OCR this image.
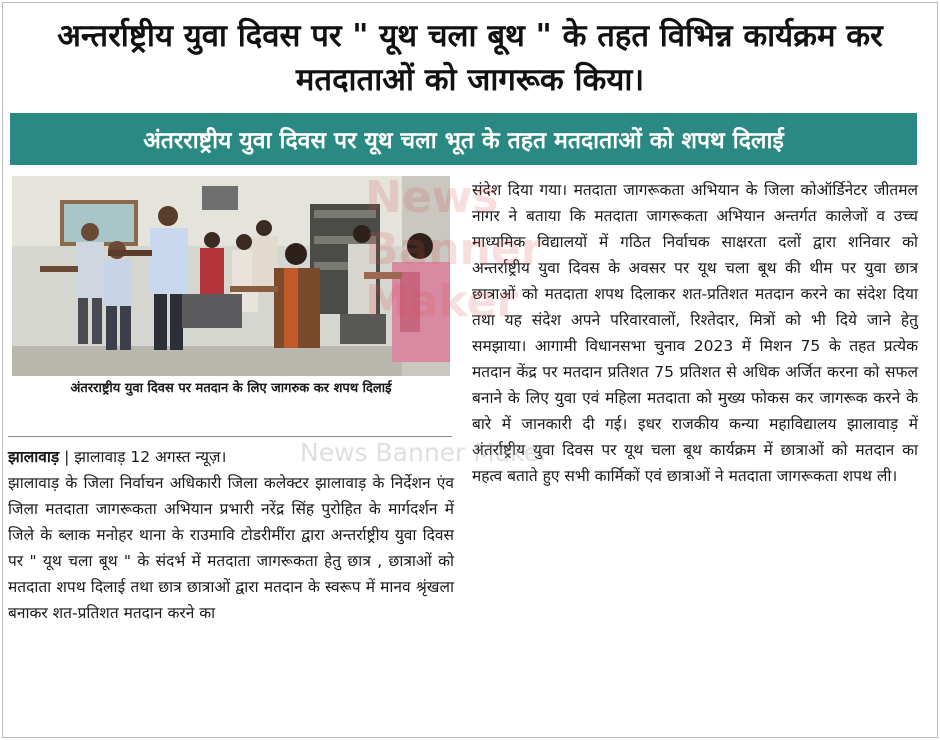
अन्तर्राष्ट्रीय युवा दिवस पर " यूथ चला बूथ " के तहत विभिन्न कार्यक्रम कर मतदाताओं को जागरूक किया।
अंतरराष्ट्रीय युवा दिवस पर यूथ चला भूत के तहत मतदाताओं को शपथ दिलाई
अंतरराष्ट्रीय युवा दिवस पर मतदान के लिए जागरुक कर शपथ दिलाई
झालावाड़ | झालावाड़ 12 अगस्त न्यूज़।
झालावाड़ के जिला निर्वाचन अधिकारी जिला कलेक्टर झालावाड़ के निर्देशन एंव जिला मतदाता जागरूकता अभियान प्रभारी नरेंद्र सिंह पुरोहित के मार्गदर्शन में जिले के ब्लाक मनोहर थाना के राउमावि टोडरीमींरा द्वारा अन्तर्राष्ट्रीय युवा दिवस पर " यूथ चला बूथ " के संदर्भ में मतदाता जागरूकता हेतु छात्र , छात्राओं को मतदाता शपथ दिलाई तथा छात्र छात्राओं द्वारा मतदान के स्वरूप में मानव श्रृंखला बनाकर शत-प्रतिशत मतदान करने का
संदेश दिया गया। मतदाता जागरूकता अभियान के जिला कोऑर्डिनेटर जीतमल नागर ने बताया कि मतदाता जागरूकता अभियान अन्तर्गत कालेजों व उच्च माध्यमिक विद्यालयों में गठित निर्वाचक साक्षरता दलों द्वारा शनिवार को अन्तर्राष्ट्रीय युवा दिवस के अवसर पर यूथ चला बूथ की थीम पर युवा छात्र छात्राओं को मतदाता शपथ दिलाकर शत-प्रतिशत मतदान करने का संदेश दिया तथा यह संदेश अपने परिवारवालों, रिश्तेदार, मित्रों को भी दिये जाने हेतु समझाया। आगामी विधानसभा चुनाव 2023 में मिशन 75 के तहत प्रत्येक मतदान केंद्र पर मतदान प्रतिशत 75 प्रतिशत से अधिक अर्जित करना को सफल बनाने के लिए युवा एवं महिला मतदाता को मुख्य फोकस कर जागरूक करने के बारे में जानकारी दी गई। इधर राजकीय कन्या महाविद्यालय झालावाड़ में अंतर्राष्ट्रीय युवा दिवस पर यूथ चला बूथ कार्यक्रम में छात्राओं को मतदान का महत्व बताते हुए सभी कार्मिकों एवं छात्राओं ने मतदाता जागरूकता शपथ ली।
News
Banner
Maker
News Banner Maker
